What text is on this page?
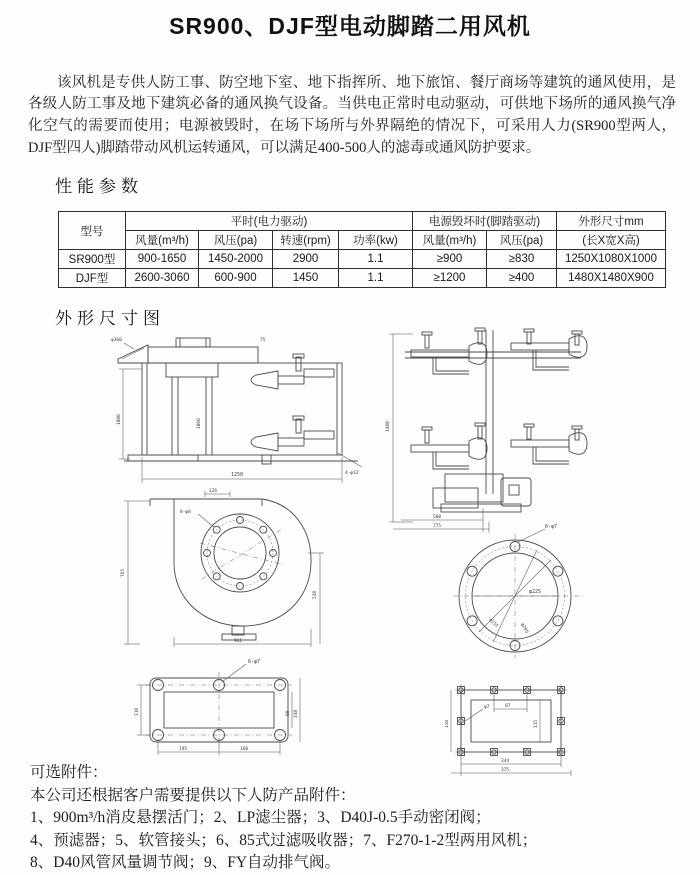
SR900、DJF型电动脚踏二用风机

该风机是专供人防工事、防空地下室、地下指挥所、地下旅馆、餐厅商场等建筑的通风使用，是各级人防工事及地下建筑必备的通风换气设备。当供电正常时电动驱动，可供地下场所的通风换气净化空气的需要而使用；电源被毁时，在场下场所与外界隔绝的情况下，可采用人力(SR900型两人，DJF型四人)脚踏带动风机运转通风，可以满足400-500人的滤毒或通风防护要求。

性能参数
型号	平时(电力驱动)				电源毁坏时(脚踏驱动)		外形尺寸mm
	风量(m³/h)	风压(pa)	转速(rpm)	功率(kw)	风量(m³/h)	风压(pa)	(长X宽X高)
SR900型	900-1650	1450-2000	2900	1.1	≥900	≥830	1250X1080X1000
DJF型	2600-3060	600-900	1450	1.1	≥1200	≥400	1480X1480X900
外形尺寸图
1000
1250
75
φ360
1060
4-φ12
1480
500
775
765
961
538
126
8-φ8
φ225
φ255	φ295
6-φ7
6-φ7
195	160
118	90 148
87
115
150
344
375
φ7
可选附件：
本公司还根据客户需要提供以下人防产品附件：
1、900m³/h消皮悬摆活门；2、LP滤尘器；3、D40J-0.5手动密闭阀；
4、预滤器；5、软管接头；6、85式过滤吸收器；7、F270-1-2型两用风机；
8、D40风管风量调节阀；9、FY自动排气阀。
